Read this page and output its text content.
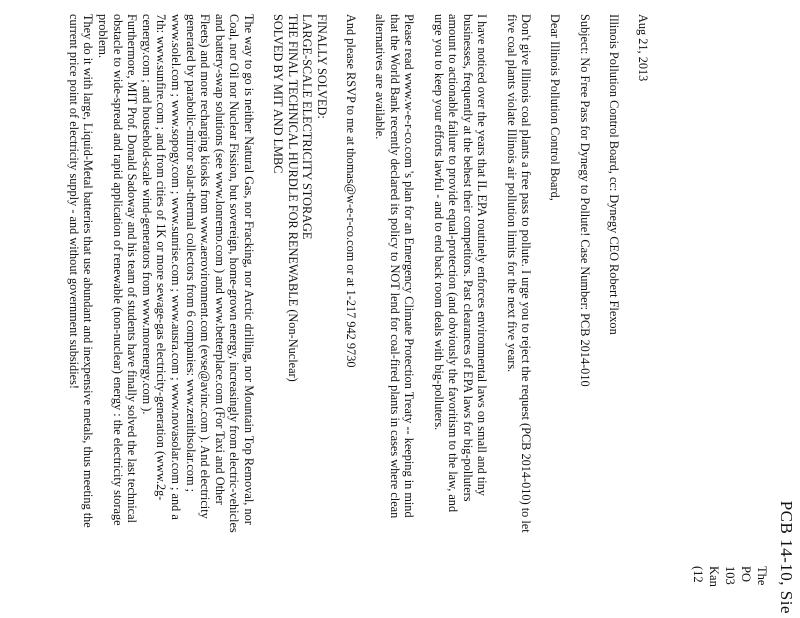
PCB 14-10, Sie
The
PO
103
Kan
(12

Aug 21, 2013

Illinois Pollution Control Board, cc: Dynegy CEO Robert Flexon

Subject: No Free Pass for Dynegy to Pollute! Case Number: PCB 2014-010

Dear Illinois Pollution Control Board,

Don't give Illinois coal plants a free pass to pollute. I urge you to reject the request (PCB 2014-010) to let five coal plants violate Illinois air pollution limits for the next five years.

I have noticed over the years that IL EPA routinely enforces environmental laws on small and tiny businesses, frequently at the behest their competitors. Past clearances of EPA laws for big-polluters amount to actionable failure to provide equal-protection (and obviously the favoritism to the law, and urge you to keep your efforts lawful - and to end back room deals with big-polluters.

Please read www.w-e-r-co.com 's plan for an Emergency Climate Protection Treaty -- keeping in mind that the World Bank recently declared its policy to NOT lend for coal-fired plants in cases where clean alternatives are available.

And please RSVP to me at thomas@w-e-r-co.com or at 1-217 942 9730

FINALLY SOLVED:
LARGE-SCALE ELECTRICITY STORAGE
THE FINAL TECHNICAL HURDLE FOR RENEWABLE (Non-Nuclear)
SOLVED BY MIT AND LMBC

The way to go is neither Natural Gas, nor Fracking, nor Arctic drilling, nor Mountain Top Removal, nor Coal, nor Oil nor Nuclear Fission, but sovereign, home-grown energy, increasingly from electric-vehicles and battery-swap solutions (see www.lonremo.com ) and www.betterplace.com (For Taxi and Other Fleets) and more recharging kiosks from www.aerovironment.com (evse@avinc.com ). And electricity generated by parabolic-mirror solar-thermal collectors from 6 companies: www.zenithsolar.com ; www.solel.com ; www.sopogy.com ; www.sunrise.com ; www.ausra.com ; www.novasolar.com ; and a 7th: www.sunfire.com ; and from cities of 1K or more sewage-gas electricity-generation (www.2g-cenergy.com ; and household-scale wind-generators from www.morenergy.com ).

Furthermore, MIT Prof. Donald Sadoway and his team of students have finally solved the last technical obstacle to wide-spread and rapid application of renewable (non-nuclear) energy : the electricity storage problem.

They do it with large, Liquid-Metal batteries that use abundant and inexpensive metals, thus meeting the current price point of electricity supply - and without government subsidies!
